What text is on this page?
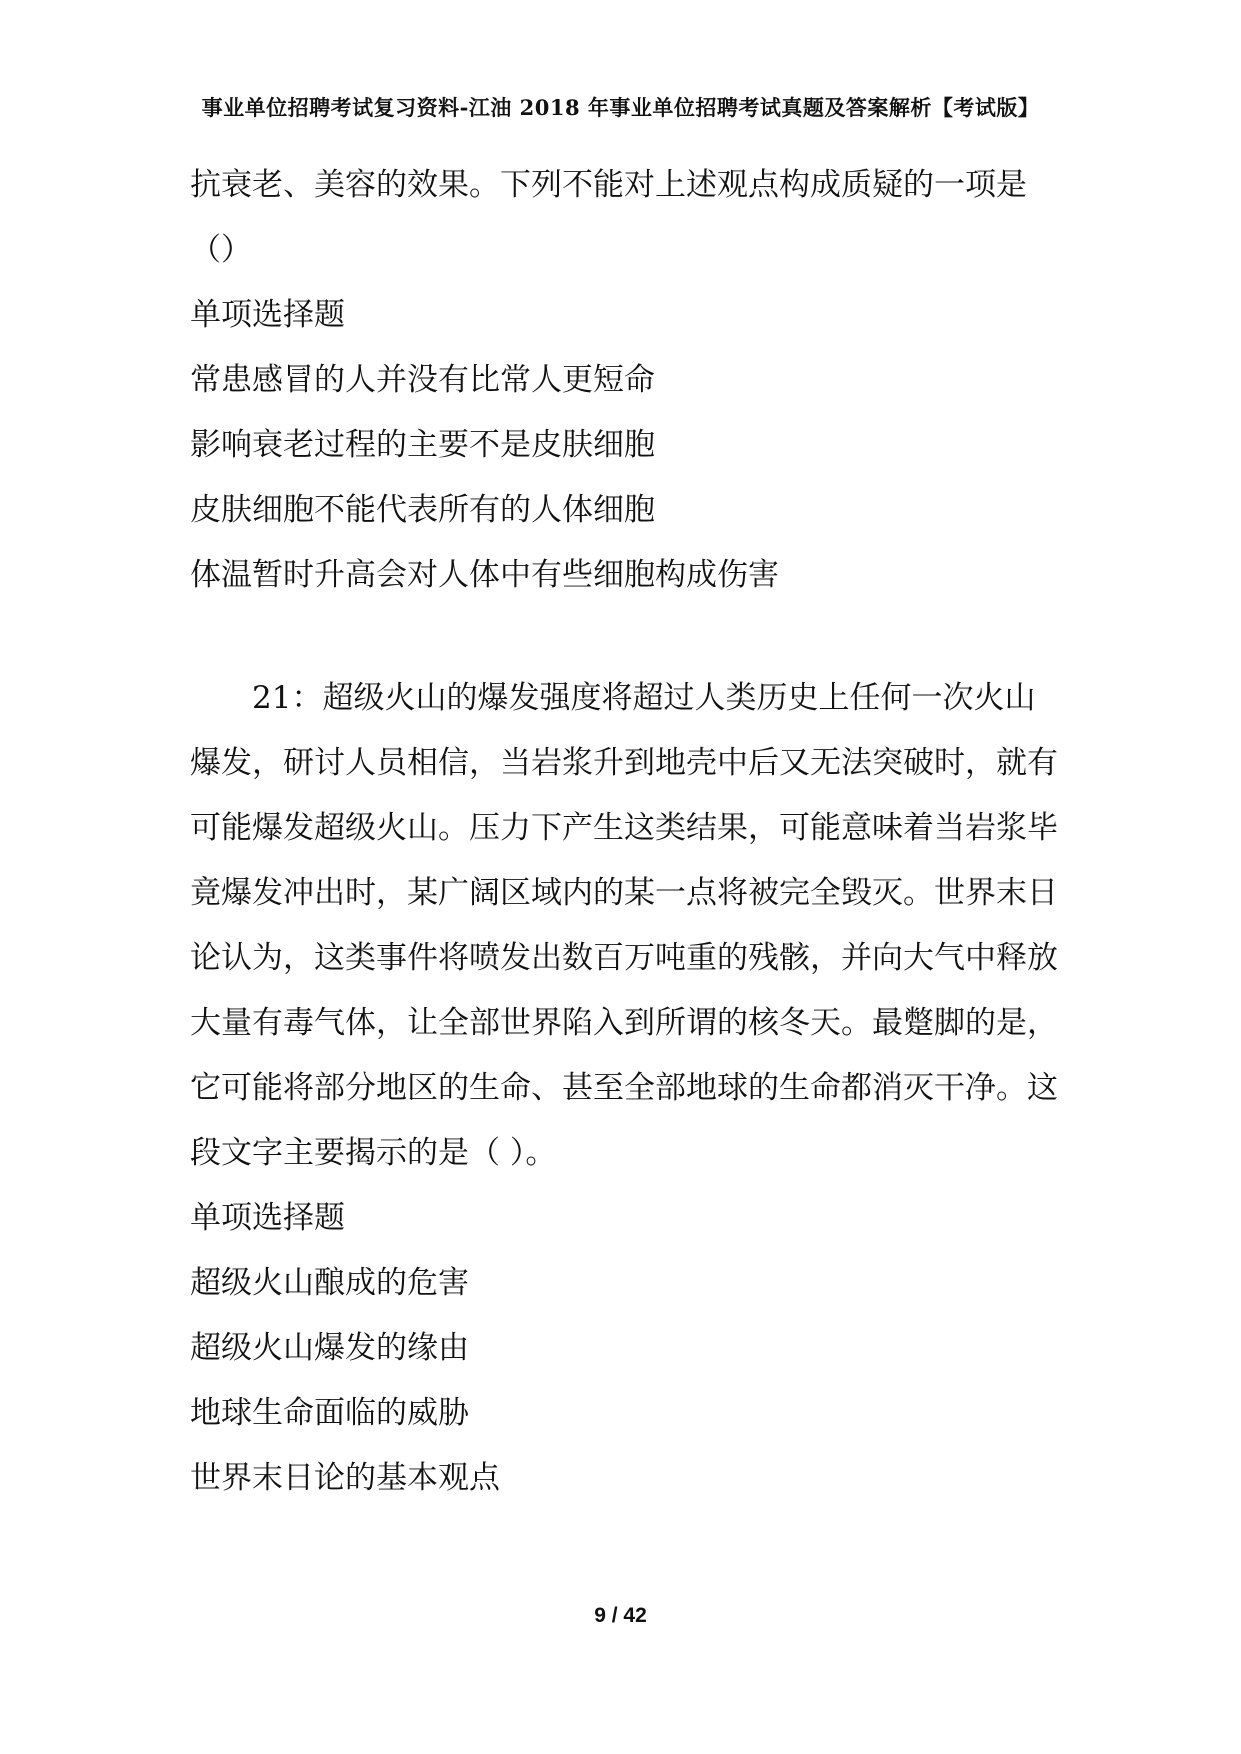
事业单位招聘考试复习资料-江油 2018 年事业单位招聘考试真题及答案解析【考试版】
抗衰老、美容的效果。下列不能对上述观点构成质疑的一项是
（）
单项选择题
常患感冒的人并没有比常人更短命
影响衰老过程的主要不是皮肤细胞
皮肤细胞不能代表所有的人体细胞
体温暂时升高会对人体中有些细胞构成伤害
21：超级火山的爆发强度将超过人类历史上任何一次火山
爆发，研讨人员相信，当岩浆升到地壳中后又无法突破时，就有
可能爆发超级火山。压力下产生这类结果，可能意味着当岩浆毕
竟爆发冲出时，某广阔区域内的某一点将被完全毁灭。世界末日
论认为，这类事件将喷发出数百万吨重的残骸，并向大气中释放
大量有毒气体，让全部世界陷入到所谓的核冬天。最蹩脚的是，
它可能将部分地区的生命、甚至全部地球的生命都消灭干净。这
段文字主要揭示的是（ ）。
单项选择题
超级火山酿成的危害
超级火山爆发的缘由
地球生命面临的威胁
世界末日论的基本观点
9 / 42
